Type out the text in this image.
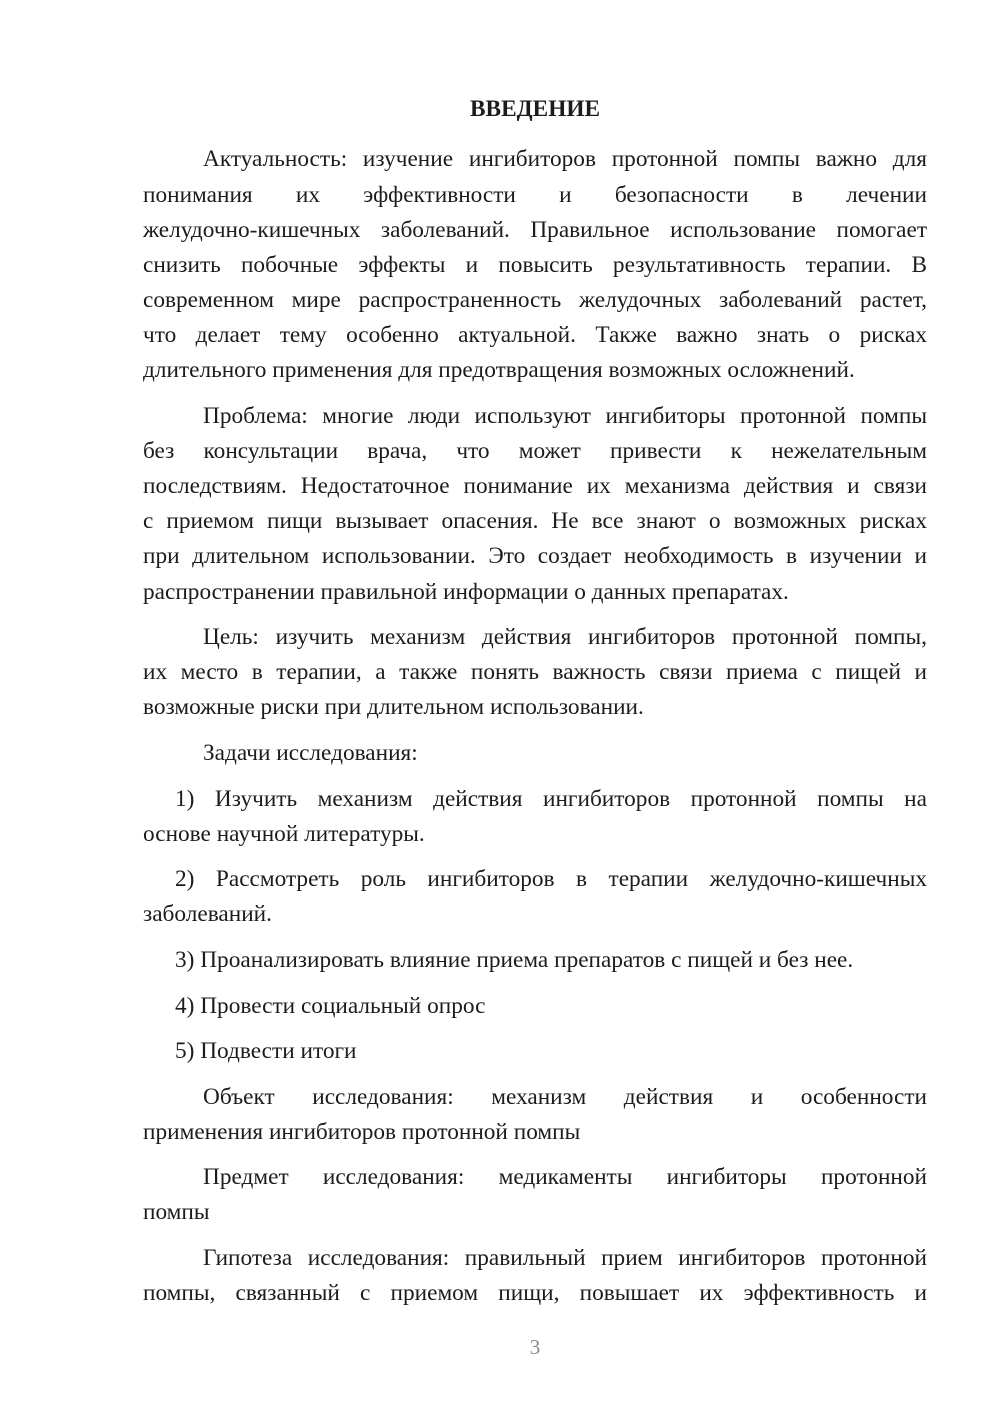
ВВЕДЕНИЕ
Актуальность: изучение ингибиторов протонной помпы важно для
понимания их эффективности и безопасности в лечении
желудочно-кишечных заболеваний. Правильное использование помогает
снизить побочные эффекты и повысить результативность терапии. В
современном мире распространенность желудочных заболеваний растет,
что делает тему особенно актуальной. Также важно знать о рисках
длительного применения для предотвращения возможных осложнений.
Проблема: многие люди используют ингибиторы протонной помпы
без консультации врача, что может привести к нежелательным
последствиям. Недостаточное понимание их механизма действия и связи
с приемом пищи вызывает опасения. Не все знают о возможных рисках
при длительном использовании. Это создает необходимость в изучении и
распространении правильной информации о данных препаратах.
Цель: изучить механизм действия ингибиторов протонной помпы,
их место в терапии, а также понять важность связи приема с пищей и
возможные риски при длительном использовании.
Задачи исследования:
1) Изучить механизм действия ингибиторов протонной помпы на
основе научной литературы.
2) Рассмотреть роль ингибиторов в терапии желудочно-кишечных
заболеваний.
3) Проанализировать влияние приема препаратов с пищей и без нее.
4) Провести социальный опрос
5) Подвести итоги
Объект исследования: механизм действия и особенности
применения ингибиторов протонной помпы
Предмет исследования: медикаменты ингибиторы протонной
помпы
Гипотеза исследования: правильный прием ингибиторов протонной
помпы, связанный с приемом пищи, повышает их эффективность и
3
